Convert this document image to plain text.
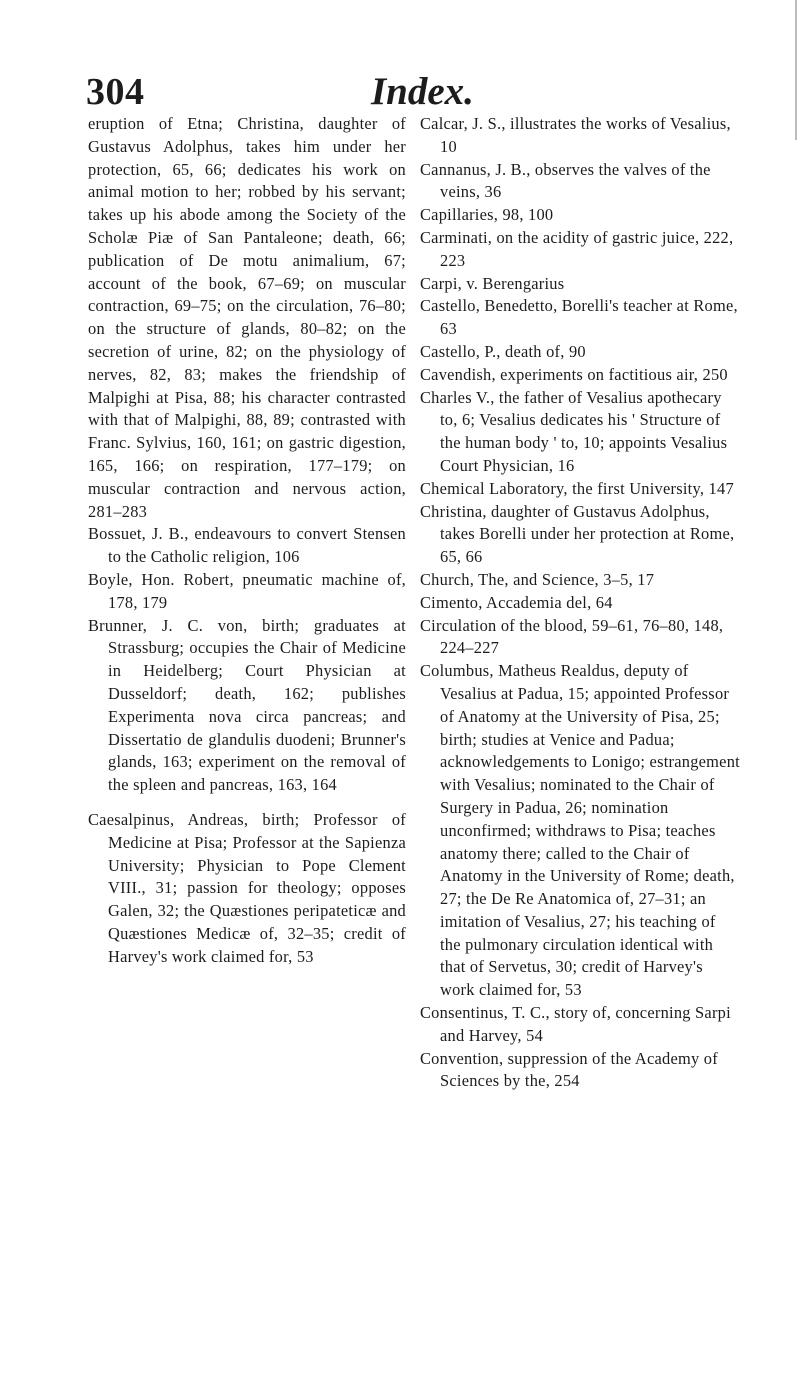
304	Index.

eruption of Etna; Christina, daughter of Gustavus Adolphus, takes him under her protection, 65, 66; dedicates his work on animal motion to her; robbed by his servant; takes up his abode among the Society of the Scholæ Piæ of San Pantaleone; death, 66; publication of De motu animalium, 67; account of the book, 67–69; on muscular contraction, 69–75; on the circulation, 76–80; on the structure of glands, 80–82; on the secretion of urine, 82; on the physiology of nerves, 82, 83; makes the friendship of Malpighi at Pisa, 88; his character contrasted with that of Malpighi, 88, 89; contrasted with Franc. Sylvius, 160, 161; on gastric digestion, 165, 166; on respiration, 177–179; on muscular contraction and nervous action, 281–283

Bossuet, J. B., endeavours to convert Stensen to the Catholic religion, 106

Boyle, Hon. Robert, pneumatic machine of, 178, 179

Brunner, J. C. von, birth; graduates at Strassburg; occupies the Chair of Medicine in Heidelberg; Court Physician at Dusseldorf; death, 162; publishes Experimenta nova circa pancreas; and Dissertatio de glandulis duodeni; Brunner's glands, 163; experiment on the removal of the spleen and pancreas, 163, 164

Caesalpinus, Andreas, birth; Professor of Medicine at Pisa; Professor at the Sapienza University; Physician to Pope Clement VIII., 31; passion for theology; opposes Galen, 32; the Quæstiones peripateticæ and Quæstiones Medicæ of, 32–35; credit of Harvey's work claimed for, 53

Calcar, J. S., illustrates the works of Vesalius, 10

Cannanus, J. B., observes the valves of the veins, 36

Capillaries, 98, 100

Carminati, on the acidity of gastric juice, 222, 223

Carpi, v. Berengarius

Castello, Benedetto, Borelli's teacher at Rome, 63

Castello, P., death of, 90

Cavendish, experiments on factitious air, 250

Charles V., the father of Vesalius apothecary to, 6; Vesalius dedicates his ' Structure of the human body ' to, 10; appoints Vesalius Court Physician, 16

Chemical Laboratory, the first University, 147

Christina, daughter of Gustavus Adolphus, takes Borelli under her protection at Rome, 65, 66

Church, The, and Science, 3–5, 17

Cimento, Accademia del, 64

Circulation of the blood, 59–61, 76–80, 148, 224–227

Columbus, Matheus Realdus, deputy of Vesalius at Padua, 15; appointed Professor of Anatomy at the University of Pisa, 25; birth; studies at Venice and Padua; acknowledgements to Lonigo; estrangement with Vesalius; nominated to the Chair of Surgery in Padua, 26; nomination unconfirmed; withdraws to Pisa; teaches anatomy there; called to the Chair of Anatomy in the University of Rome; death, 27; the De Re Anatomica of, 27–31; an imitation of Vesalius, 27; his teaching of the pulmonary circulation identical with that of Servetus, 30; credit of Harvey's work claimed for, 53

Consentinus, T. C., story of, concerning Sarpi and Harvey, 54

Convention, suppression of the Academy of Sciences by the, 254
